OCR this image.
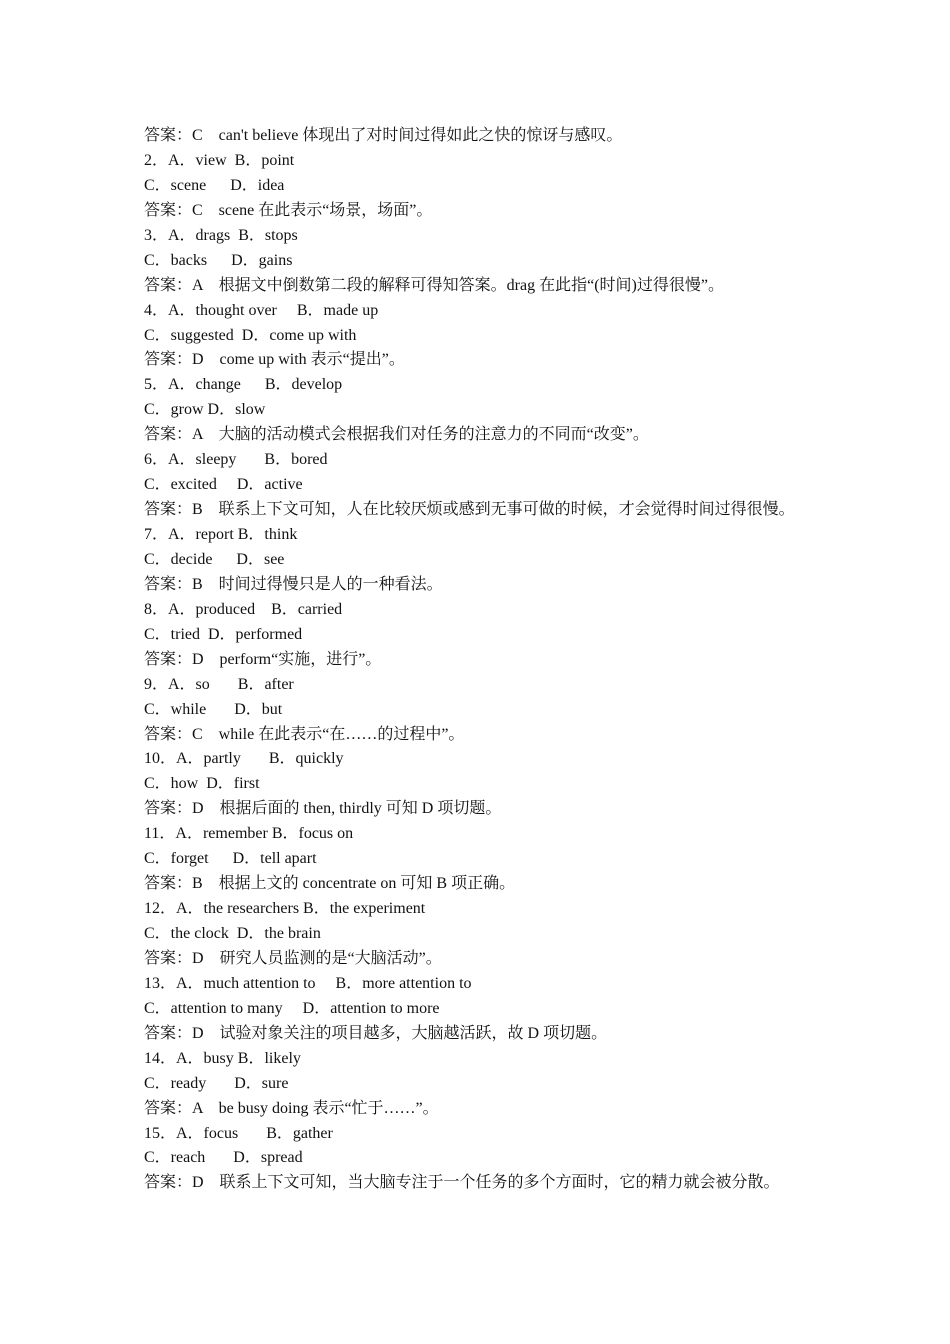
答案：C　can't believe 体现出了对时间过得如此之快的惊讶与感叹。
2．A．view  B．point
C．scene      D．idea
答案：C　scene 在此表示“场景，场面”。
3．A．drags  B．stops
C．backs      D．gains
答案：A　根据文中倒数第二段的解释可得知答案。drag 在此指“(时间)过得很慢”。
4．A．thought over     B．made up
C．suggested  D．come up with
答案：D　come up with 表示“提出”。
5．A．change      B．develop
C．grow D．slow
答案：A　大脑的活动模式会根据我们对任务的注意力的不同而“改变”。
6．A．sleepy       B．bored
C．excited     D．active
答案：B　联系上下文可知，人在比较厌烦或感到无事可做的时候，才会觉得时间过得很慢。
7．A．report B．think
C．decide      D．see
答案：B　时间过得慢只是人的一种看法。
8．A．produced    B．carried
C．tried  D．performed
答案：D　perform“实施，进行”。
9．A．so       B．after
C．while       D．but
答案：C　while 在此表示“在……的过程中”。
10．A．partly       B．quickly
C．how  D．first
答案：D　根据后面的 then, thirdly 可知 D 项切题。
11．A．remember B．focus on
C．forget      D．tell apart
答案：B　根据上文的 concentrate on 可知 B 项正确。
12．A．the researchers B．the experiment
C．the clock  D．the brain
答案：D　研究人员监测的是“大脑活动”。
13．A．much attention to     B．more attention to
C．attention to many     D．attention to more
答案：D　试验对象关注的项目越多，大脑越活跃，故 D 项切题。
14．A．busy B．likely
C．ready       D．sure
答案：A　be busy doing 表示“忙于……”。
15．A．focus       B．gather
C．reach       D．spread
答案：D　联系上下文可知，当大脑专注于一个任务的多个方面时，它的精力就会被分散。
